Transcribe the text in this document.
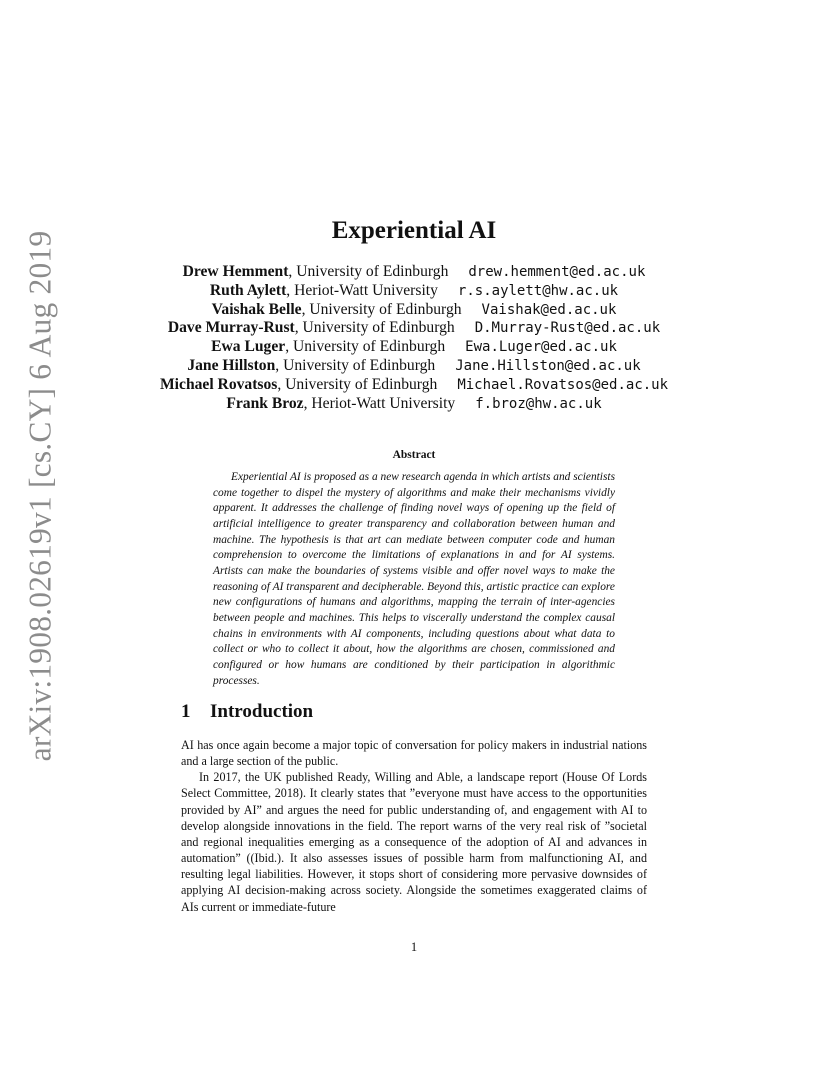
arXiv:1908.02619v1 [cs.CY] 6 Aug 2019
Experiential AI
Drew Hemment, University of Edinburgh drew.hemment@ed.ac.uk
Ruth Aylett, Heriot-Watt University r.s.aylett@hw.ac.uk
Vaishak Belle, University of Edinburgh Vaishak@ed.ac.uk
Dave Murray-Rust, University of Edinburgh D.Murray-Rust@ed.ac.uk
Ewa Luger, University of Edinburgh Ewa.Luger@ed.ac.uk
Jane Hillston, University of Edinburgh Jane.Hillston@ed.ac.uk
Michael Rovatsos, University of Edinburgh Michael.Rovatsos@ed.ac.uk
Frank Broz, Heriot-Watt University f.broz@hw.ac.uk
Abstract

Experiential AI is proposed as a new research agenda in which artists and scientists come together to dispel the mystery of algorithms and make their mechanisms vividly apparent. It addresses the challenge of finding novel ways of opening up the field of artificial intelligence to greater transparency and collaboration between human and machine. The hypothesis is that art can mediate between computer code and human comprehension to overcome the limitations of explanations in and for AI systems. Artists can make the boundaries of systems visible and offer novel ways to make the reasoning of AI transparent and decipherable. Beyond this, artistic practice can explore new configurations of humans and algorithms, mapping the terrain of inter-agencies between people and machines. This helps to viscerally understand the complex causal chains in environments with AI components, including questions about what data to collect or who to collect it about, how the algorithms are chosen, commissioned and configured or how humans are conditioned by their participation in algorithmic processes.

1 Introduction

AI has once again become a major topic of conversation for policy makers in industrial nations and a large section of the public.

In 2017, the UK published Ready, Willing and Able, a landscape report (House Of Lords Select Committee, 2018). It clearly states that ”everyone must have access to the opportunities provided by AI” and argues the need for public understanding of, and engagement with AI to develop alongside innovations in the field. The report warns of the very real risk of ”societal and regional inequalities emerging as a consequence of the adoption of AI and advances in automation” ((Ibid.). It also assesses issues of possible harm from malfunctioning AI, and resulting legal liabilities. However, it stops short of considering more pervasive downsides of applying AI decision-making across society. Alongside the sometimes exaggerated claims of AIs current or immediate-future

1
